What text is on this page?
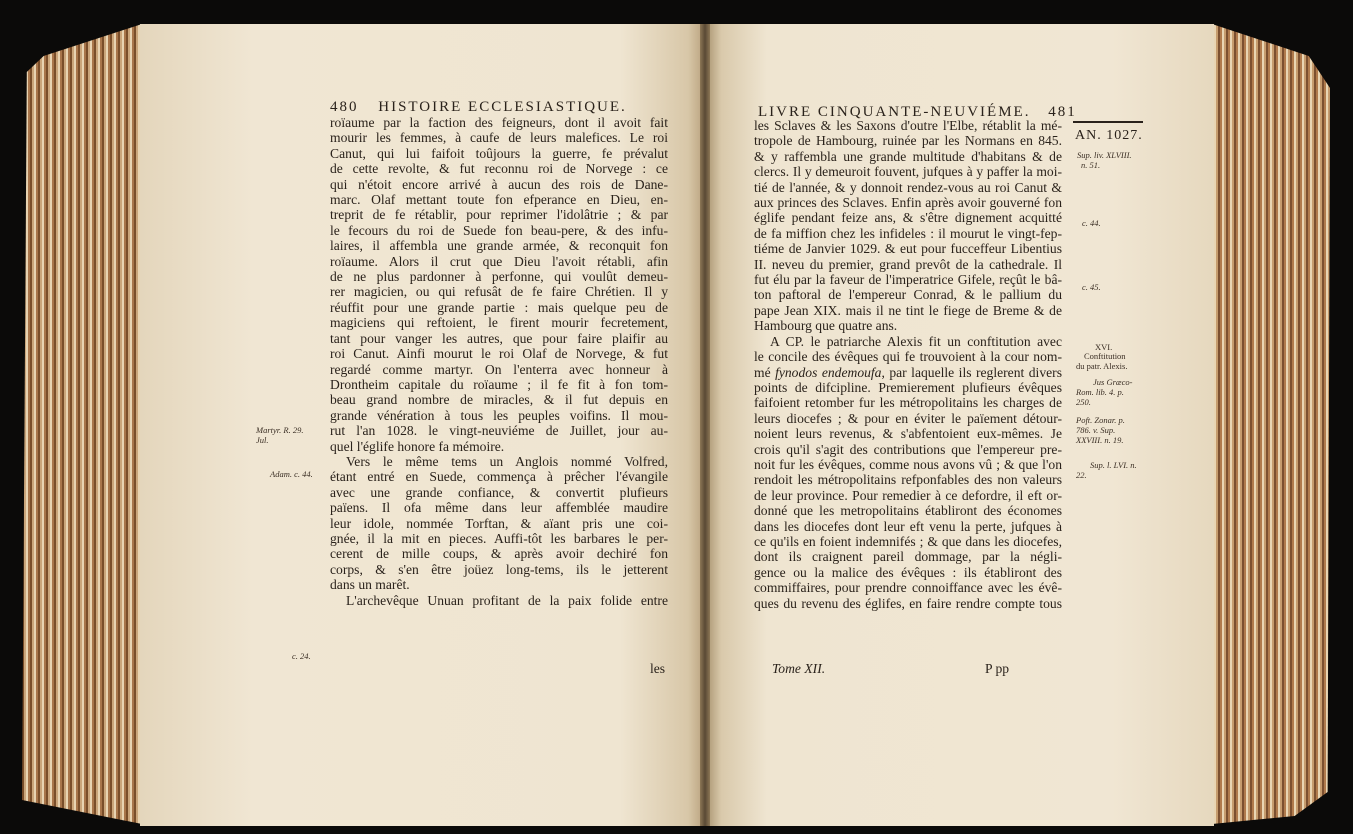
480 HISTOIRE ECCLESIASTIQUE.

roïaume par la faction des feigneurs, dont il avoit fait

mourir les femmes, à caufe de leurs malefices. Le roi

Canut, qui lui faifoit toûjours la guerre, fe prévalut

de cette revolte, & fut reconnu roi de Norvege : ce

qui n'étoit encore arrivé à aucun des rois de Dane-

marc. Olaf mettant toute fon efperance en Dieu, en-

treprit de fe rétablir, pour reprimer l'idolâtrie ; & par

le fecours du roi de Suede fon beau-pere, & des infu-

laires, il affembla une grande armée, & reconquit fon

roïaume. Alors il crut que Dieu l'avoit rétabli, afin

de ne plus pardonner à perfonne, qui voulût demeu-

rer magicien, ou qui refusât de fe faire Chrétien. Il y

réuffit pour une grande partie : mais quelque peu de

magiciens qui reftoient, le firent mourir fecretement,

tant pour vanger les autres, que pour faire plaifir au

roi Canut. Ainfi mourut le roi Olaf de Norvege, & fut

regardé comme martyr. On l'enterra avec honneur à

Drontheim capitale du roïaume ; il fe fit à fon tom-

beau grand nombre de miracles, & il fut depuis en

grande vénération à tous les peuples voifins. Il mou-

rut l'an 1028. le vingt-neuviéme de Juillet, jour au-

quel l'églife honore fa mémoire.

Vers le même tems un Anglois nommé Volfred,

étant entré en Suede, commença à prêcher l'évangile

avec une grande confiance, & convertit plufieurs

païens. Il ofa même dans leur affemblée maudire

leur idole, nommée Torftan, & aïant pris une coi-

gnée, il la mit en pieces. Auffi-tôt les barbares le per-

cerent de mille coups, & après avoir dechiré fon

corps, & s'en être joüez long-tems, ils le jetterent

dans un marêt.

L'archevêque Unuan profitant de la paix folide entre

les
Martyr. R. 29.
Jul.
Adam. c. 44.
c. 24.
LIVRE CINQUANTE-NEUVIÉME. 481
AN. 1027.

les Sclaves & les Saxons d'outre l'Elbe, rétablit la mé-

tropole de Hambourg, ruinée par les Normans en 845.

& y raffembla une grande multitude d'habitans & de

clercs. Il y demeuroit fouvent, jufques à y paffer la moi-

tié de l'année, & y donnoit rendez-vous au roi Canut &

aux princes des Sclaves. Enfin après avoir gouverné fon

églife pendant feize ans, & s'être dignement acquitté

de fa miffion chez les infideles : il mourut le vingt-fep-

tiéme de Janvier 1029. & eut pour fucceffeur Libentius

II. neveu du premier, grand prevôt de la cathedrale. Il

fut élu par la faveur de l'imperatrice Gifele, reçût le bâ-

ton paftoral de l'empereur Conrad, & le pallium du

pape Jean XIX. mais il ne tint le fiege de Breme & de

Hambourg que quatre ans.

A CP. le patriarche Alexis fit un conftitution avec

le concile des évêques qui fe trouvoient à la cour nom-

mé fynodos endemoufa, par laquelle ils reglerent divers

points de difcipline. Premierement plufieurs évêques

faifoient retomber fur les métropolitains les charges de

leurs diocefes ; & pour en éviter le païement détour-

noient leurs revenus, & s'abfentoient eux-mêmes. Je

crois qu'il s'agit des contributions que l'empereur pre-

noit fur les évêques, comme nous avons vû ; & que l'on

rendoit les métropolitains refponfables des non valeurs

de leur province. Pour remedier à ce defordre, il eft or-

donné que les metropolitains établiront des économes

dans les diocefes dont leur eft venu la perte, jufques à

ce qu'ils en foient indemnifés ; & que dans les diocefes,

dont ils craignent pareil dommage, par la négli-

gence ou la malice des évêques : ils établiront des

commiffaires, pour prendre connoiffance avec les évê-

ques du revenu des églifes, en faire rendre compte tous

Tome XII.	P pp
Sup. liv. XLVIII.
n. 51.
c. 44.
c. 45.
XVI.
Conftitution
du patr. Alexis.
Jus Græco-
Rom. lib. 4. p.
250.
Poft. Zonar. p.
786. v. Sup.
XXVIII. n. 19.
Sup. l. LVI. n.
22.
